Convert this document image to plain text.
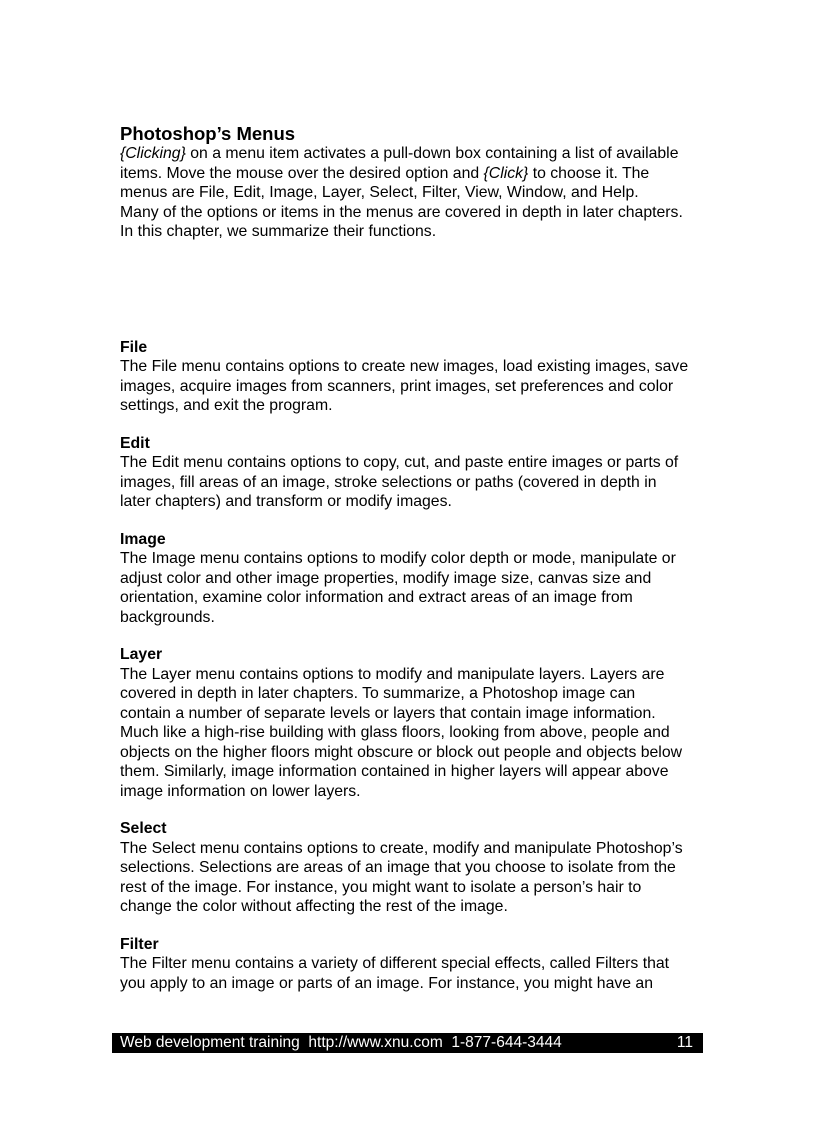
Photoshop’s Menus

{Clicking} on a menu item activates a pull-down box containing a list of available
items. Move the mouse over the desired option and {Click} to choose it. The
menus are File, Edit, Image, Layer, Select, Filter, View, Window, and Help.
Many of the options or items in the menus are covered in depth in later chapters.
In this chapter, we summarize their functions.

File

The File menu contains options to create new images, load existing images, save
images, acquire images from scanners, print images, set preferences and color
settings, and exit the program.

Edit

The Edit menu contains options to copy, cut, and paste entire images or parts of
images, fill areas of an image, stroke selections or paths (covered in depth in
later chapters) and transform or modify images.

Image

The Image menu contains options to modify color depth or mode, manipulate or
adjust color and other image properties, modify image size, canvas size and
orientation, examine color information and extract areas of an image from
backgrounds.

Layer

The Layer menu contains options to modify and manipulate layers. Layers are
covered in depth in later chapters. To summarize, a Photoshop image can
contain a number of separate levels or layers that contain image information.
Much like a high-rise building with glass floors, looking from above, people and
objects on the higher floors might obscure or block out people and objects below
them. Similarly, image information contained in higher layers will appear above
image information on lower layers.

Select

The Select menu contains options to create, modify and manipulate Photoshop’s
selections. Selections are areas of an image that you choose to isolate from the
rest of the image. For instance, you might want to isolate a person’s hair to
change the color without affecting the rest of the image.

Filter

The Filter menu contains a variety of different special effects, called Filters that
you apply to an image or parts of an image. For instance, you might have an

Web development training  http://www.xnu.com  1-877-644-3444	11
